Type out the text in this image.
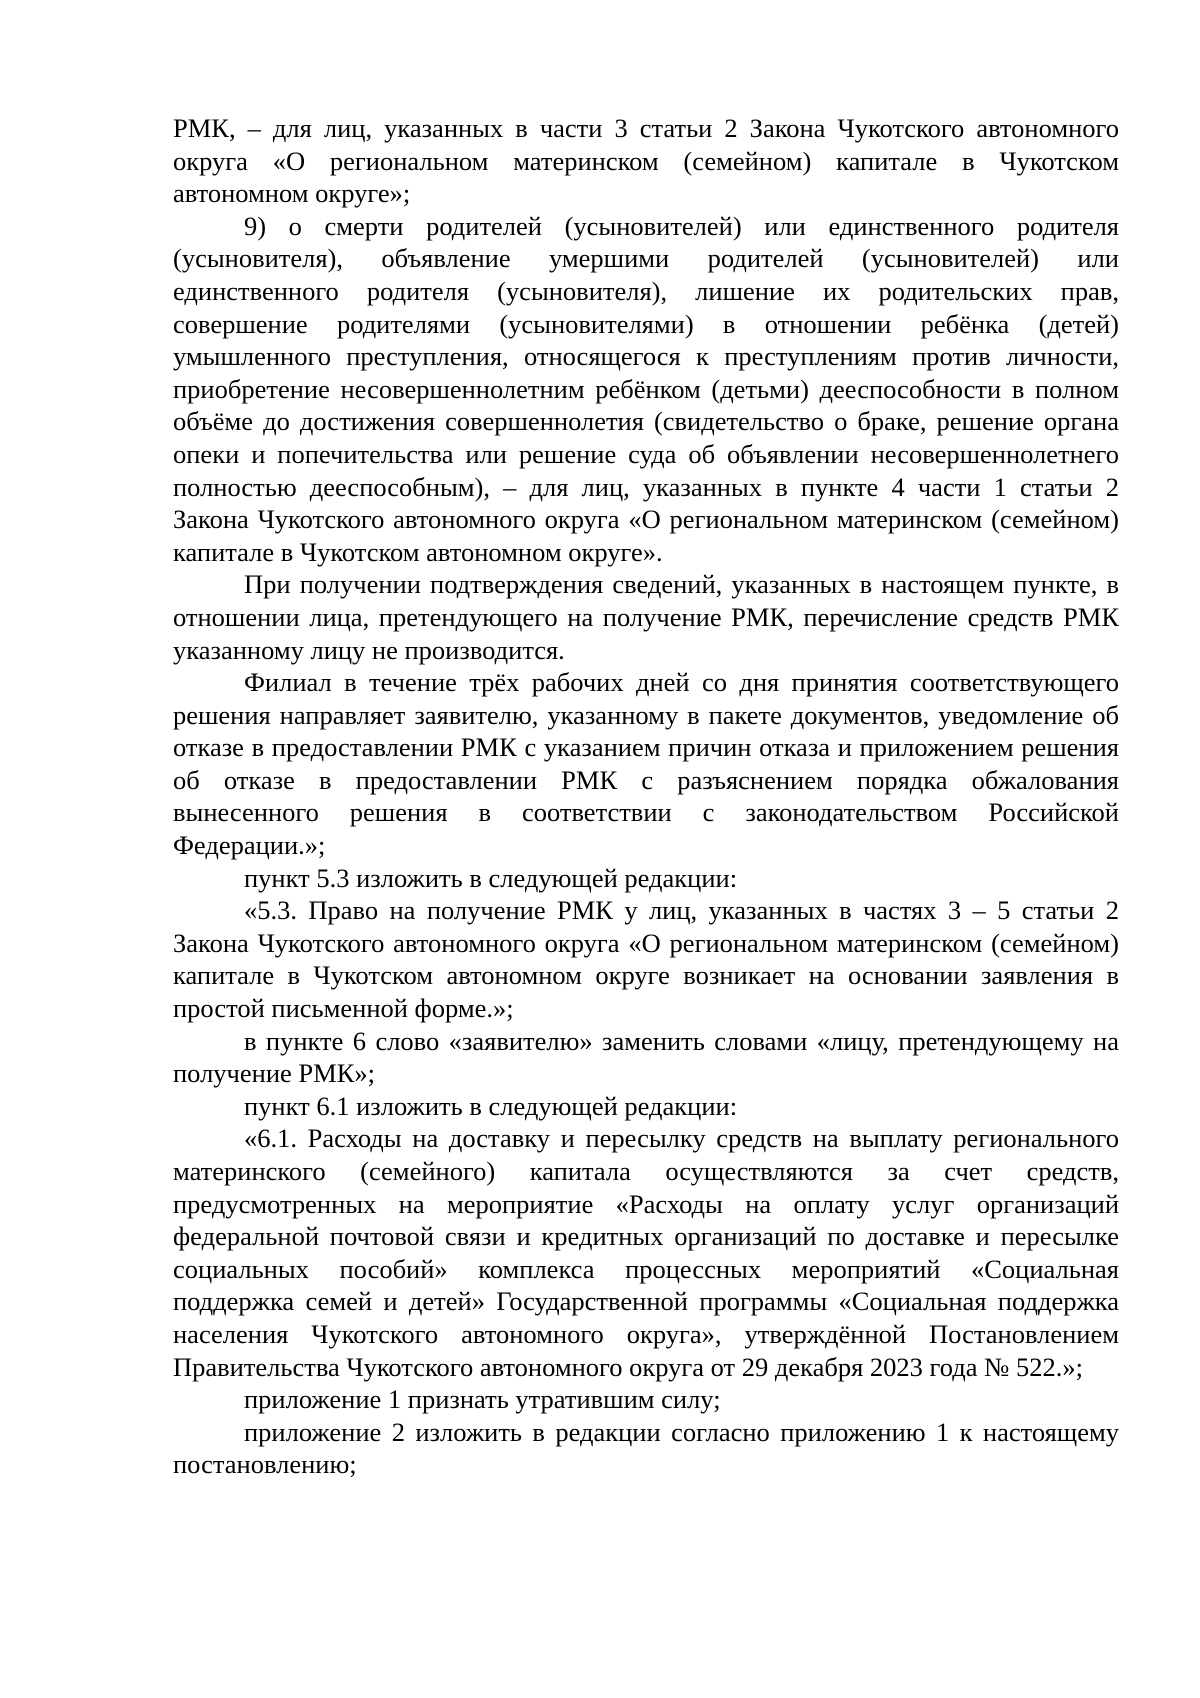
РМК, – для лиц, указанных в части 3 статьи 2 Закона Чукотского автономного округа «О региональном материнском (семейном) капитале в Чукотском автономном округе»;

9) о смерти родителей (усыновителей) или единственного родителя (усыновителя), объявление умершими родителей (усыновителей) или единственного родителя (усыновителя), лишение их родительских прав, совершение родителями (усыновителями) в отношении ребёнка (детей) умышленного преступления, относящегося к преступлениям против личности, приобретение несовершеннолетним ребёнком (детьми) дееспособности в полном объёме до достижения совершеннолетия (свидетельство о браке, решение органа опеки и попечительства или решение суда об объявлении несовершеннолетнего полностью дееспособным), – для лиц, указанных в пункте 4 части 1 статьи 2 Закона Чукотского автономного округа «О региональном материнском (семейном) капитале в Чукотском автономном округе».

При получении подтверждения сведений, указанных в настоящем пункте, в отношении лица, претендующего на получение РМК, перечисление средств РМК указанному лицу не производится.

Филиал в течение трёх рабочих дней со дня принятия соответствующего решения направляет заявителю, указанному в пакете документов, уведомление об отказе в предоставлении РМК с указанием причин отказа и приложением решения об отказе в предоставлении РМК с разъяснением порядка обжалования вынесенного решения в соответствии с законодательством Российской Федерации.»;

пункт 5.3 изложить в следующей редакции:

«5.3. Право на получение РМК у лиц, указанных в частях 3 – 5 статьи 2 Закона Чукотского автономного округа «О региональном материнском (семейном) капитале в Чукотском автономном округе возникает на основании заявления в простой письменной форме.»;

в пункте 6 слово «заявителю» заменить словами «лицу, претендующему на получение РМК»;

пункт 6.1 изложить в следующей редакции:

«6.1. Расходы на доставку и пересылку средств на выплату регионального материнского (семейного) капитала осуществляются за счет средств, предусмотренных на мероприятие «Расходы на оплату услуг организаций федеральной почтовой связи и кредитных организаций по доставке и пересылке социальных пособий» комплекса процессных мероприятий «Социальная поддержка семей и детей» Государственной программы «Социальная поддержка населения Чукотского автономного округа», утверждённой Постановлением Правительства Чукотского автономного округа от 29 декабря 2023 года № 522.»;

приложение 1 признать утратившим силу;

приложение 2 изложить в редакции согласно приложению 1 к настоящему постановлению;
